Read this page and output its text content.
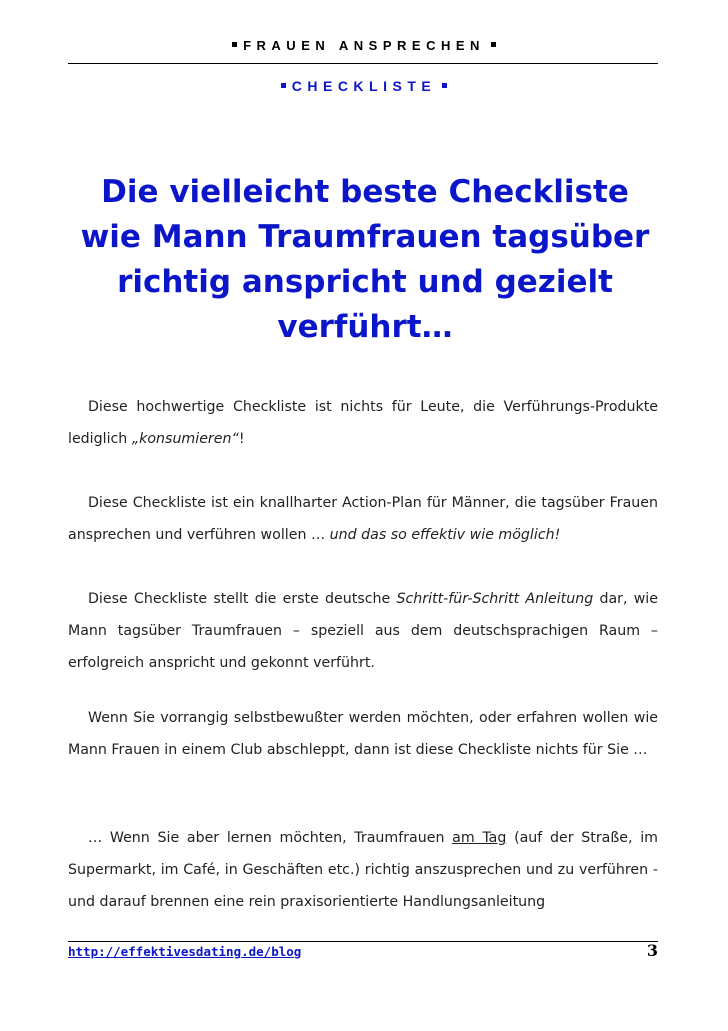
FRAUEN ANSPRECHEN
CHECKLISTE
Die vielleicht beste Checkliste wie Mann Traumfrauen tagsüber richtig anspricht und gezielt verführt…

Diese hochwertige Checkliste ist nichts für Leute, die Verführungs-Produkte lediglich „konsumieren“!

Diese Checkliste ist ein knallharter Action-Plan für Männer, die tagsüber Frauen ansprechen und verführen wollen … und das so effektiv wie möglich!

Diese Checkliste stellt die erste deutsche Schritt-für-Schritt Anleitung dar, wie Mann tagsüber Traumfrauen – speziell aus dem deutschsprachigen Raum – erfolgreich anspricht und gekonnt verführt.

Wenn Sie vorrangig selbstbewußter werden möchten, oder erfahren wollen wie Mann Frauen in einem Club abschleppt, dann ist diese Checkliste nichts für Sie …

… Wenn Sie aber lernen möchten, Traumfrauen am Tag (auf der Straße, im Supermarkt, im Café, in Geschäften etc.) richtig anszusprechen und zu verführen - und darauf brennen eine rein praxisorientierte Handlungsanleitung

http://effektivesdating.de/blog	3
